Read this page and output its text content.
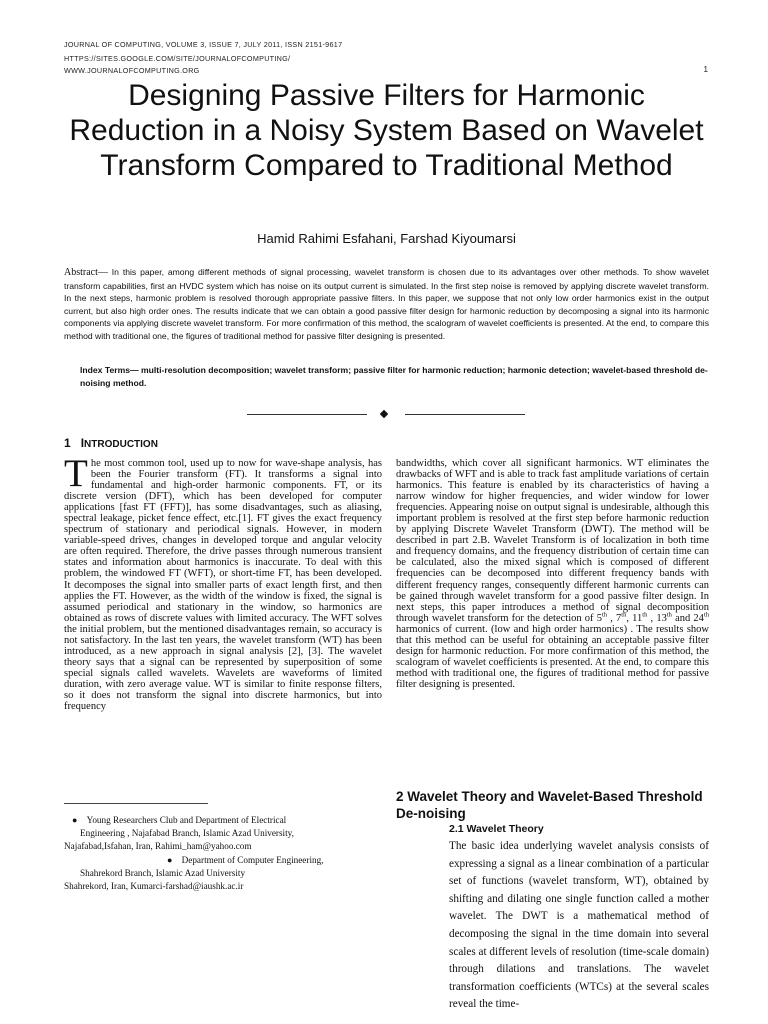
JOURNAL OF COMPUTING, VOLUME 3, ISSUE 7, JULY 2011, ISSN 2151-9617
HTTPS://SITES.GOOGLE.COM/SITE/JOURNALOFCOMPUTING/
WWW.JOURNALOFCOMPUTING.ORG	1
Designing Passive Filters for Harmonic Reduction in a Noisy System Based on Wavelet Transform Compared to Traditional Method
Hamid Rahimi Esfahani, Farshad Kiyoumarsi
Abstract— In this paper, among different methods of signal processing, wavelet transform is chosen due to its advantages over other methods. To show wavelet transform capabilities, first an HVDC system which has noise on its output current is simulated. In the first step noise is removed by applying discrete wavelet transform. In the next steps, harmonic problem is resolved thorough appropriate passive filters. In this paper, we suppose that not only low order harmonics exist in the output current, but also high order ones. The results indicate that we can obtain a good passive filter design for harmonic reduction by decomposing a signal into its harmonic components via applying discrete wavelet transform. For more confirmation of this method, the scalogram of wavelet coefficients is presented. At the end, to compare this method with traditional one, the figures of traditional method for passive filter designing is presented.
Index Terms— multi-resolution decomposition; wavelet transform; passive filter for harmonic reduction; harmonic detection; wavelet-based threshold de-noising method.
1 INTRODUCTION
The most common tool, used up to now for wave-shape analysis, has been the Fourier transform (FT). It transforms a signal into fundamental and high-order harmonic components. FT, or its discrete version (DFT), which has been developed for computer applications [fast FT (FFT)], has some disadvantages, such as aliasing, spectral leakage, picket fence effect, etc.[1]. FT gives the exact frequency spectrum of stationary and periodical signals. However, in modern variable-speed drives, changes in developed torque and angular velocity are often required. Therefore, the drive passes through numerous transient states and information about harmonics is inaccurate. To deal with this problem, the windowed FT (WFT), or short-time FT, has been developed. It decomposes the signal into smaller parts of exact length first, and then applies the FT. However, as the width of the window is fixed, the signal is assumed periodical and stationary in the window, so harmonics are obtained as rows of discrete values with limited accuracy. The WFT solves the initial problem, but the mentioned disadvantages remain, so accuracy is not satisfactory. In the last ten years, the wavelet transform (WT) has been introduced, as a new approach in signal analysis [2], [3]. The wavelet theory says that a signal can be represented by superposition of some special signals called wavelets. Wavelets are waveforms of limited duration, with zero average value. WT is similar to finite response filters, so it does not transform the signal into discrete harmonics, but into frequency
bandwidths, which cover all significant harmonics. WT eliminates the drawbacks of WFT and is able to track fast amplitude variations of certain harmonics. This feature is enabled by its characteristics of having a narrow window for higher frequencies, and wider window for lower frequencies. Appearing noise on output signal is undesirable, although this important problem is resolved at the first step before harmonic reduction by applying Discrete Wavelet Transform (DWT). The method will be described in part 2.B. Wavelet Transform is of localization in both time and frequency domains, and the frequency distribution of certain time can be calculated, also the mixed signal which is composed of different frequencies can be decomposed into different frequency bands with different frequency ranges, consequently different harmonic currents can be gained through wavelet transform for a good passive filter design. In next steps, this paper introduces a method of signal decomposition through wavelet transform for the detection of 5th , 7th, 11th , 13th and 24th harmonics of current. (low and high order harmonics) . The results show that this method can be useful for obtaining an acceptable passive filter design for harmonic reduction. For more confirmation of this method, the scalogram of wavelet coefficients is presented. At the end, to compare this method with traditional one, the figures of traditional method for passive filter designing is presented.
2 Wavelet Theory and Wavelet-Based Threshold De-noising
2.1 Wavelet Theory
The basic idea underlying wavelet analysis consists of expressing a signal as a linear combination of a particular set of functions (wavelet transform, WT), obtained by shifting and dilating one single function called a mother wavelet. The DWT is a mathematical method of decomposing the signal in the time domain into several scales at different levels of resolution (time-scale domain) through dilations and translations. The wavelet transformation coefficients (WTCs) at the several scales reveal the time-
● Young Researchers Club and Department of Electrical
Engineering , Najafabad Branch, Islamic Azad University,
Najafabad,Isfahan, Iran, Rahimi_ham@yahoo.com
● Department of Computer Engineering,
Shahrekord Branch, Islamic Azad University
Shahrekord, Iran, Kumarci-farshad@iaushk.ac.ir
